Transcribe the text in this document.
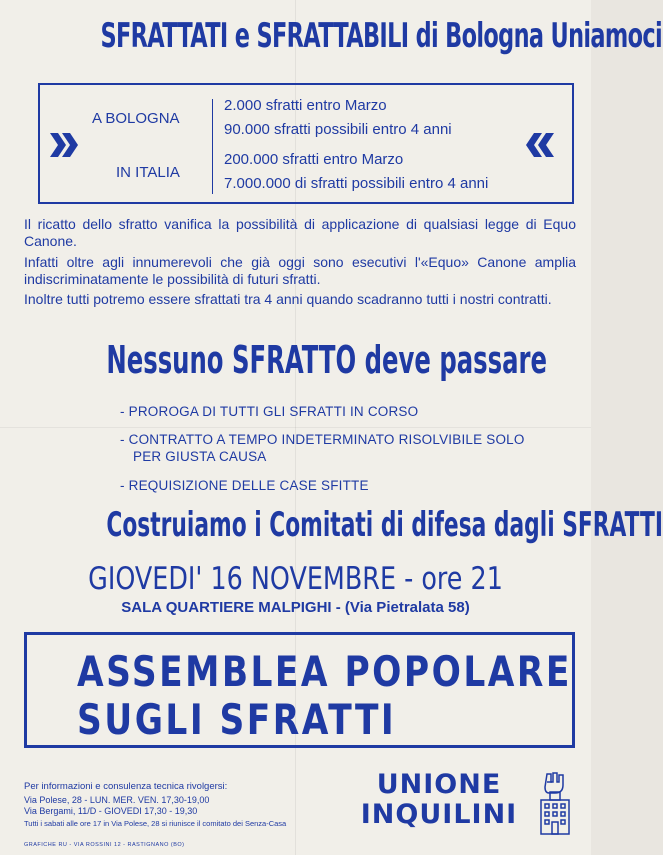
SFRATTATI e SFRATTABILI di Bologna Uniamoci
A BOLOGNA
IN ITALIA
2.000 sfratti entro Marzo
90.000 sfratti possibili entro 4 anni
200.000 sfratti entro Marzo
7.000.000 di sfratti possibili entro 4 anni

Il ricatto dello sfratto vanifica la possibilità di applicazione di qualsiasi legge di Equo Canone.

Infatti oltre agli innumerevoli che già oggi sono esecutivi l'«Equo» Canone amplia indiscriminatamente le possibilità di futuri sfratti.

Inoltre tutti potremo essere sfrattati tra 4 anni quando scadranno tutti i nostri contratti.

Nessuno SFRATTO deve passare
- PROROGA DI TUTTI GLI SFRATTI IN CORSO
- CONTRATTO A TEMPO INDETERMINATO RISOLVIBILE SOLO
PER GIUSTA CAUSA
- REQUISIZIONE DELLE CASE SFITTE
Costruiamo i Comitati di difesa dagli SFRATTI
GIOVEDI' 16 NOVEMBRE - ore 21
SALA QUARTIERE MALPIGHI - (Via Pietralata 58)
ASSEMBLEA POPOLARE
SUGLI SFRATTI
Per informazioni e consulenza tecnica rivolgersi:
Via Polese, 28 - LUN. MER. VEN. 17,30-19,00
Via Bergami, 11/D - GIOVEDI 17,30 - 19,30
Tutti i sabati alle ore 17 in Via Polese, 28 si riunisce il comitato dei Senza-Casa
GRAFICHE RU - VIA ROSSINI 12 - RASTIGNANO (BO)
UNIONE
INQUILINI
